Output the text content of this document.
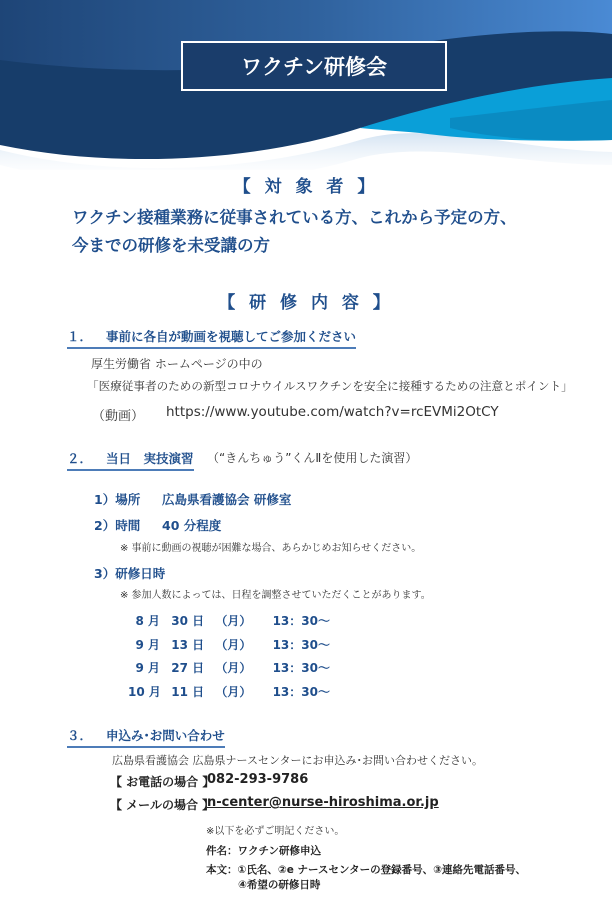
ワクチン研修会
【 対 象 者 】
ワクチン接種業務に従事されている方、これから予定の方、
今までの研修を未受講の方
【 研 修 内 容 】
１． 事前に各自が動画を視聴してご参加ください
厚生労働省 ホームページの中の
「医療従事者のための新型コロナウイルスワクチンを安全に接種するための注意とポイント」
（動画） https://www.youtube.com/watch?v=rcEVMi2OtCY
２． 当日　実技演習 （“きんちゅう”くんⅡを使用した演習）
1）場所 広島県看護協会 研修室
2）時間 40 分程度
※ 事前に動画の視聴が困難な場合、あらかじめお知らせください。
3）研修日時
※ 参加人数によっては、日程を調整させていただくことがあります。
8 月 30 日 （月） 13：30～
9 月 13 日 （月） 13：30～
9 月 27 日 （月） 13：30～
10 月 11 日 （月） 13：30～
３． 申込み･お問い合わせ
広島県看護協会 広島県ナースセンターにお申込み･お問い合わせください。
【 お電話の場合 】
082-293-9786
【 メールの場合 】
n-center@nurse-hiroshima.or.jp
※以下を必ずご明記ください。
件名：ワクチン研修申込
本文：①氏名、②e ナースセンターの登録番号、③連絡先電話番号、
④希望の研修日時
